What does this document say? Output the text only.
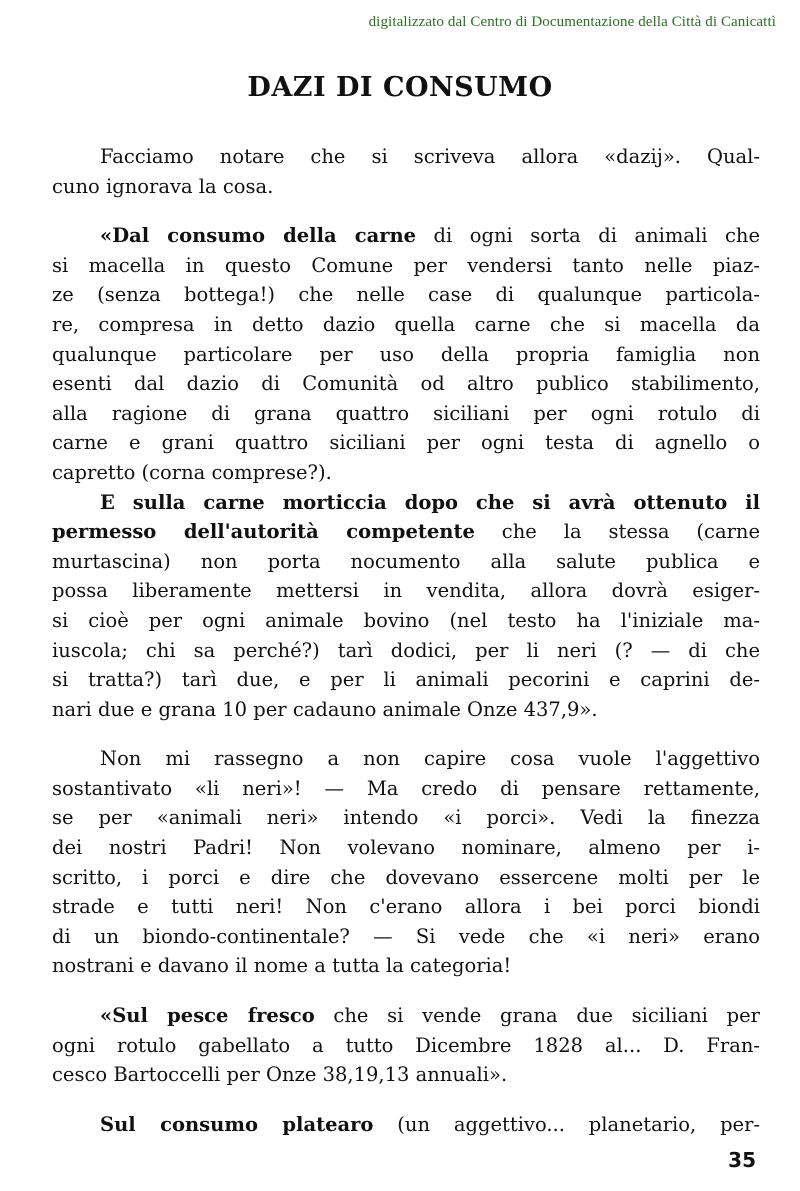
digitalizzato dal Centro di Documentazione della Città di Canicattì
DAZI DI CONSUMO
Facciamo notare che si scriveva allora «dazij». Qual-
cuno ignorava la cosa.
«Dal consumo della carne di ogni sorta di animali che
si macella in questo Comune per vendersi tanto nelle piaz-
ze (senza bottega!) che nelle case di qualunque particola-
re, compresa in detto dazio quella carne che si macella da
qualunque particolare per uso della propria famiglia non
esenti dal dazio di Comunità od altro publico stabilimento,
alla ragione di grana quattro siciliani per ogni rotulo di
carne e grani quattro siciliani per ogni testa di agnello o
capretto (corna comprese?).
E sulla carne morticcia dopo che si avrà ottenuto il
permesso dell'autorità competente che la stessa (carne
murtascina) non porta nocumento alla salute publica e
possa liberamente mettersi in vendita, allora dovrà esiger-
si cioè per ogni animale bovino (nel testo ha l'iniziale ma-
iuscola; chi sa perché?) tarì dodici, per li neri (? — di che
si tratta?) tarì due, e per li animali pecorini e caprini de-
nari due e grana 10 per cadauno animale Onze 437,9».
Non mi rassegno a non capire cosa vuole l'aggettivo
sostantivato «li neri»! — Ma credo di pensare rettamente,
se per «animali neri» intendo «i porci». Vedi la finezza
dei nostri Padri! Non volevano nominare, almeno per i-
scritto, i porci e dire che dovevano essercene molti per le
strade e tutti neri! Non c'erano allora i bei porci biondi
di un biondo-continentale? — Si vede che «i neri» erano
nostrani e davano il nome a tutta la categoria!
«Sul pesce fresco che si vende grana due siciliani per
ogni rotulo gabellato a tutto Dicembre 1828 al... D. Fran-
cesco Bartoccelli per Onze 38,19,13 annuali».
Sul consumo platearo (un aggettivo... planetario, per-
35
